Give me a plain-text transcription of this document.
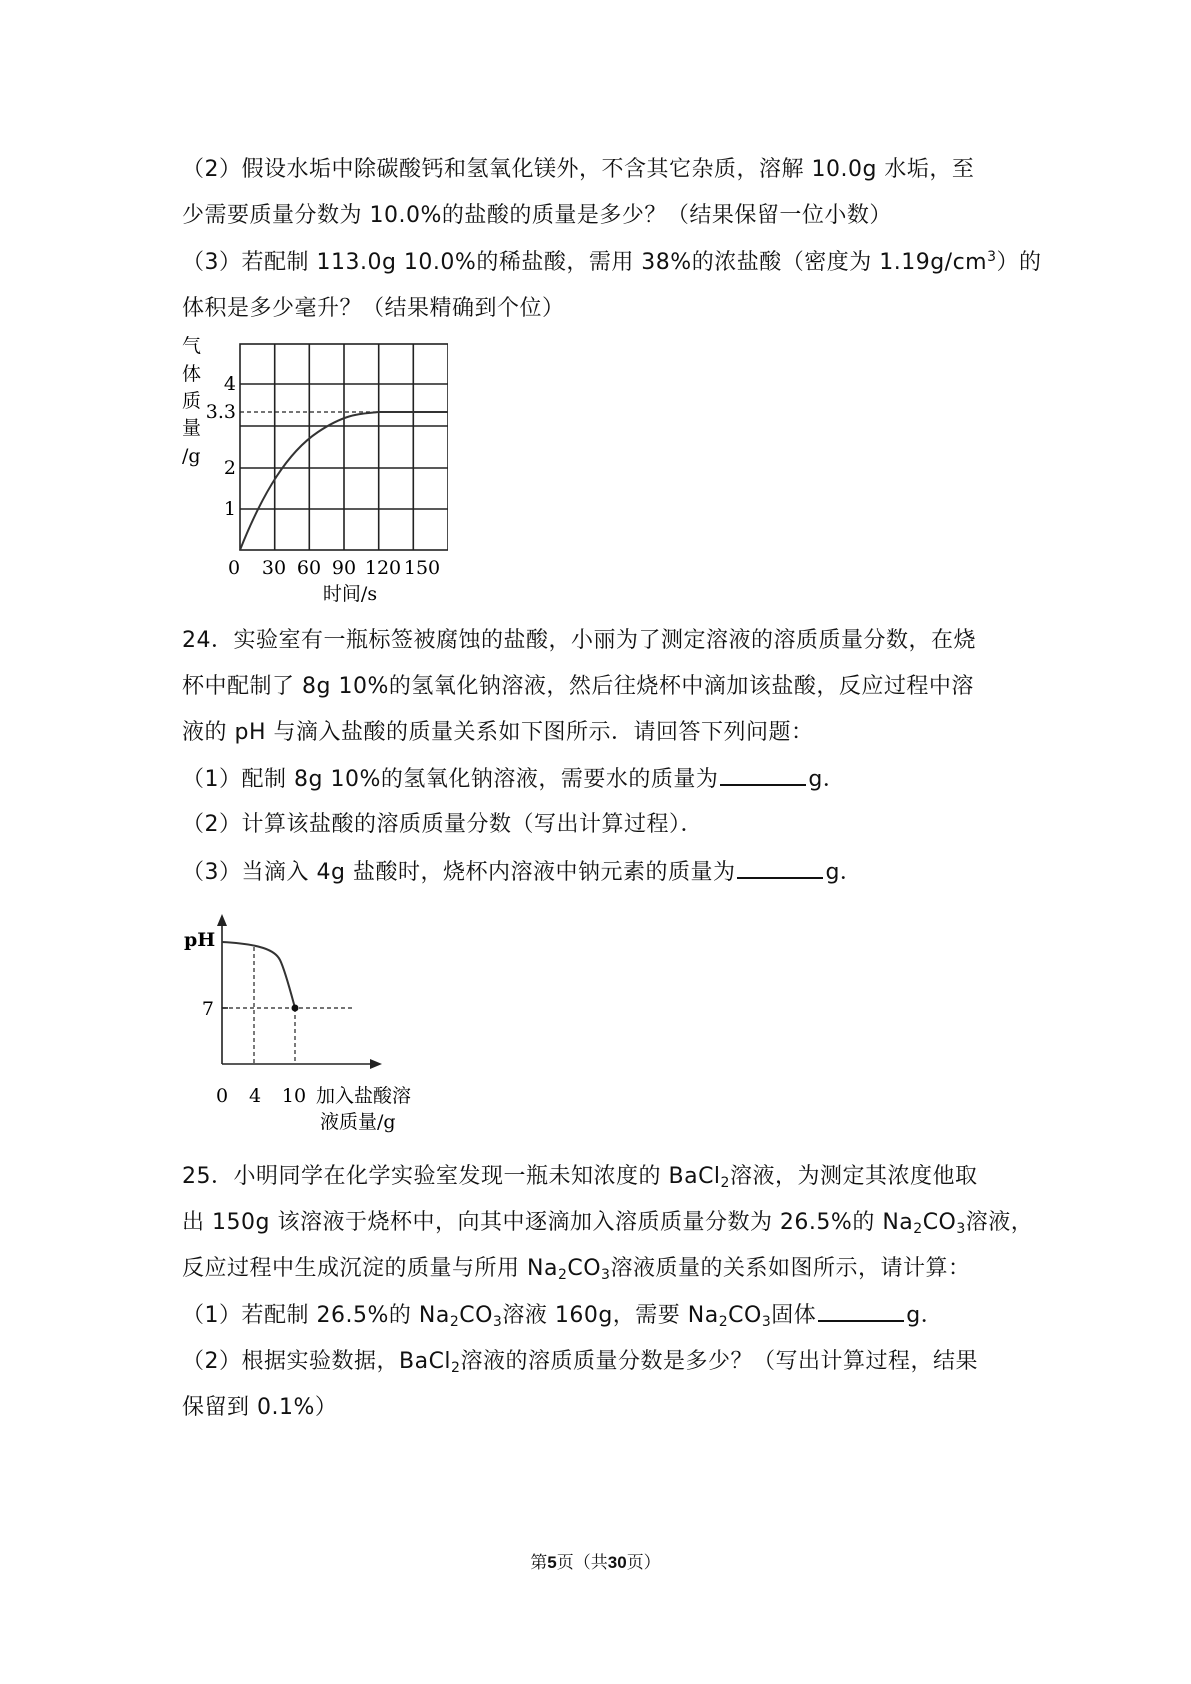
（2）假设水垢中除碳酸钙和氢氧化镁外，不含其它杂质，溶解 10.0g 水垢，至
少需要质量分数为 10.0%的盐酸的质量是多少？（结果保留一位小数）
（3）若配制 113.0g 10.0%的稀盐酸，需用 38%的浓盐酸（密度为 $1.19g/cm^3$）的
体积是多少毫升？（结果精确到个位）
气
体
质
量
/g
4
3.3
2
1
0 30 60 90 120 150
时间/s
24．实验室有一瓶标签被腐蚀的盐酸，小丽为了测定溶液的溶质质量分数，在烧
杯中配制了 8g 10%的氢氧化钠溶液，然后往烧杯中滴加该盐酸，反应过程中溶
液的 pH 与滴入盐酸的质量关系如下图所示．请回答下列问题：
（1）配制 8g 10%的氢氧化钠溶液，需要水的质量为	g．
（2）计算该盐酸的溶质质量分数（写出计算过程）．
（3）当滴入 4g 盐酸时，烧杯内溶液中钠元素的质量为	g．
pH
7
0 4 10 加入盐酸溶
液质量/g
25．小明同学在化学实验室发现一瓶未知浓度的 BaCl$_2$溶液，为测定其浓度他取
出 150g 该溶液于烧杯中，向其中逐滴加入溶质质量分数为 26.5%的 $Na_2CO_3$溶液，
反应过程中生成沉淀的质量与所用 $Na_2CO_3$溶液质量的关系如图所示，请计算：
（1）若配制 26.5%的 $Na_2CO_3$溶液 160g，需要 $Na_2CO_3$固体	g．
（2）根据实验数据，BaCl$_2$溶液的溶质质量分数是多少？（写出计算过程，结果
保留到 0.1%）
第5页（共30页）
